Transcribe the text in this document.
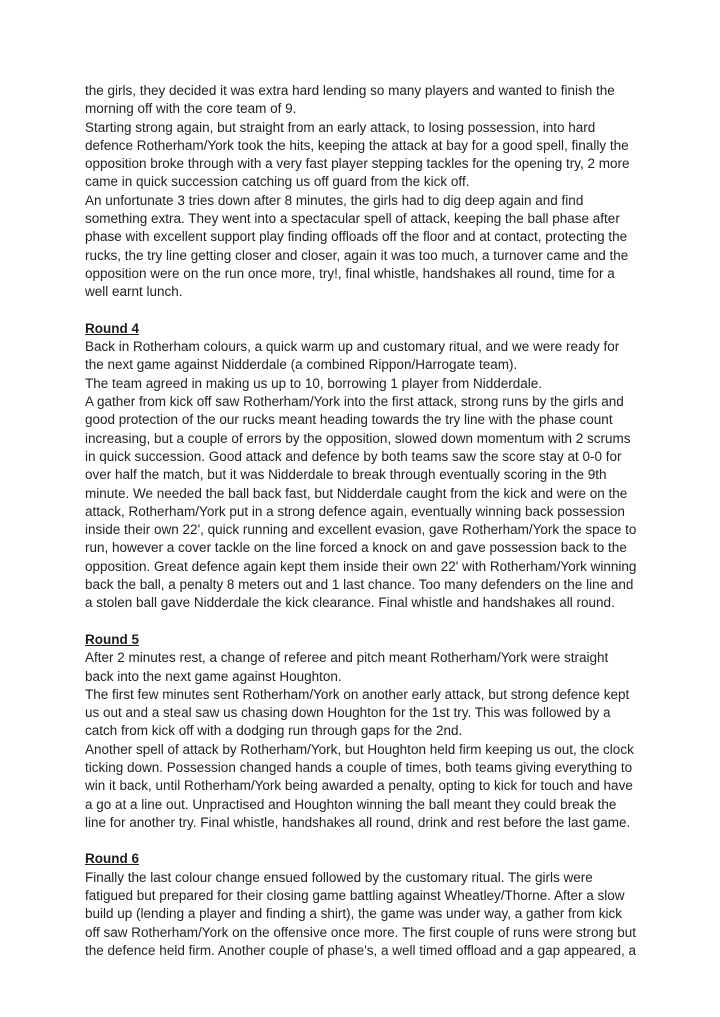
the girls, they decided it was extra hard lending so many players and wanted to finish the morning off with the core team of 9.

Starting strong again, but straight from an early attack, to losing possession, into hard defence Rotherham/York took the hits, keeping the attack at bay for a good spell, finally the opposition broke through with a very fast player stepping tackles for the opening try, 2 more came in quick succession catching us off guard from the kick off.

An unfortunate 3 tries down after 8 minutes, the girls had to dig deep again and find something extra. They went into a spectacular spell of attack, keeping the ball phase after phase with excellent support play finding offloads off the floor and at contact, protecting the rucks, the try line getting closer and closer, again it was too much, a turnover came and the opposition were on the run once more, try!, final whistle, handshakes all round, time for a well earnt lunch.

Round 4

Back in Rotherham colours, a quick warm up and customary ritual, and we were ready for the next game against Nidderdale (a combined Rippon/Harrogate team).

The team agreed in making us up to 10, borrowing 1 player from Nidderdale.

A gather from kick off saw Rotherham/York into the first attack, strong runs by the girls and good protection of the our rucks meant heading towards the try line with the phase count increasing, but a couple of errors by the opposition, slowed down momentum with 2 scrums in quick succession. Good attack and defence by both teams saw the score stay at 0-0 for over half the match, but it was Nidderdale to break through eventually scoring in the 9th minute. We needed the ball back fast, but Nidderdale caught from the kick and were on the attack, Rotherham/York put in a strong defence again, eventually winning back possession inside their own 22', quick running and excellent evasion, gave Rotherham/York the space to run, however a cover tackle on the line forced a knock on and gave possession back to the opposition. Great defence again kept them inside their own 22' with Rotherham/York winning back the ball, a penalty 8 meters out and 1 last chance. Too many defenders on the line and a stolen ball gave Nidderdale the kick clearance. Final whistle and handshakes all round.

Round 5

After 2 minutes rest, a change of referee and pitch meant Rotherham/York were straight back into the next game against Houghton.

The first few minutes sent Rotherham/York on another early attack, but strong defence kept us out and a steal saw us chasing down Houghton for the 1st try. This was followed by a catch from kick off with a dodging run through gaps for the 2nd.

Another spell of attack by Rotherham/York, but Houghton held firm keeping us out, the clock ticking down. Possession changed hands a couple of times, both teams giving everything to win it back, until Rotherham/York being awarded a penalty, opting to kick for touch and have a go at a line out. Unpractised and Houghton winning the ball meant they could break the line for another try. Final whistle, handshakes all round, drink and rest before the last game.

Round 6

Finally the last colour change ensued followed by the customary ritual. The girls were fatigued but prepared for their closing game battling against Wheatley/Thorne. After a slow build up (lending a player and finding a shirt), the game was under way, a gather from kick off saw Rotherham/York on the offensive once more. The first couple of runs were strong but the defence held firm. Another couple of phase's, a well timed offload and a gap appeared, a
